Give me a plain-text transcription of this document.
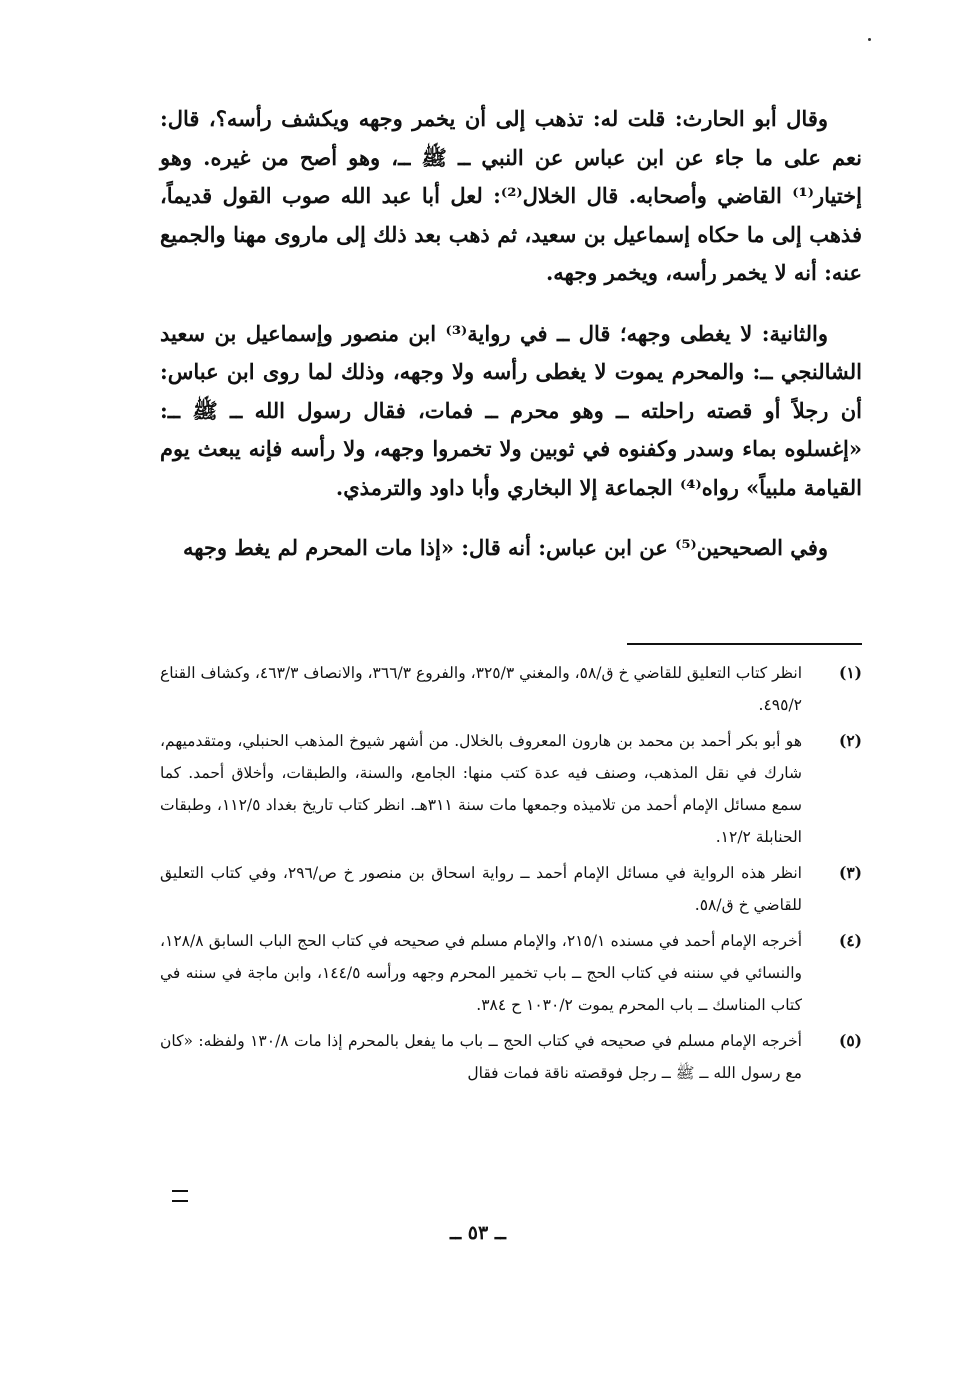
وقال أبو الحارث: قلت له: تذهب إلى أن يخمر وجهه ويكشف رأسه؟، قال: نعم على ما جاء عن ابن عباس عن النبي ــ ﷺ ــ، وهو أصح من غيره. وهو إختيار⁽¹⁾ القاضي وأصحابه. قال الخلال⁽²⁾: لعل أبا عبد الله صوب القول قديماً، فذهب إلى ما حكاه إسماعيل بن سعيد، ثم ذهب بعد ذلك إلى ماروى مهنا والجميع عنه: أنه لا يخمر رأسه، ويخمر وجهه.

والثانية: لا يغطى وجهه؛ قال ــ في رواية⁽³⁾ ابن منصور وإسماعيل بن سعيد الشالنجي ــ: والمحرم يموت لا يغطى رأسه ولا وجهه، وذلك لما روى ابن عباس: أن رجلاً أو قصته راحلته ــ وهو محرم ــ فمات، فقال رسول الله ــ ﷺ ــ: «إغسلوه بماء وسدر وكفنوه في ثوبين ولا تخمروا وجهه، ولا رأسه فإنه يبعث يوم القيامة ملبياً» رواه⁽⁴⁾ الجماعة إلا البخاري وأبا داود والترمذي.

وفي الصحيحين⁽⁵⁾ عن ابن عباس: أنه قال: «إذا مات المحرم لم يغط وجهه

(١)
انظر كتاب التعليق للقاضي خ ق/٥٨، والمغني ٣٢٥/٣، والفروع ٣٦٦/٣، والانصاف ٤٦٣/٣، وكشاف القناع ٤٩٥/٢.
(٢)
هو أبو بكر أحمد بن محمد بن هارون المعروف بالخلال. من أشهر شيوخ المذهب الحنبلي، ومتقدميهم، شارك في نقل المذهب، وصنف فيه عدة كتب منها: الجامع، والسنة، والطبقات، وأخلاق أحمد. كما سمع مسائل الإمام أحمد من تلاميذه وجمعها مات سنة ٣١١هـ. انظر كتاب تاريخ بغداد ١١٢/٥، وطبقات الحنابلة ١٢/٢.
(٣)
انظر هذه الرواية في مسائل الإمام أحمد ــ رواية اسحاق بن منصور خ ص/٢٩٦، وفي كتاب التعليق للقاضي خ ق/٥٨.
(٤)
أخرجه الإمام أحمد في مسنده ٢١٥/١، والإمام مسلم في صحيحه في كتاب الحج الباب السابق ١٢٨/٨، والنسائي في سننه في كتاب الحج ــ باب تخمير المحرم وجهه ورأسه ١٤٤/٥، وابن ماجة في سننه في كتاب المناسك ــ باب المحرم يموت ١٠٣٠/٢ ح ٣٨٤.
(٥)
أخرجه الإمام مسلم في صحيحه في كتاب الحج ــ باب ما يفعل بالمحرم إذا مات ١٣٠/٨ ولفظه: «كان مع رسول الله ــ ﷺ ــ رجل فوقصته ناقة فمات فقال
ــ ٥٣ ــ
